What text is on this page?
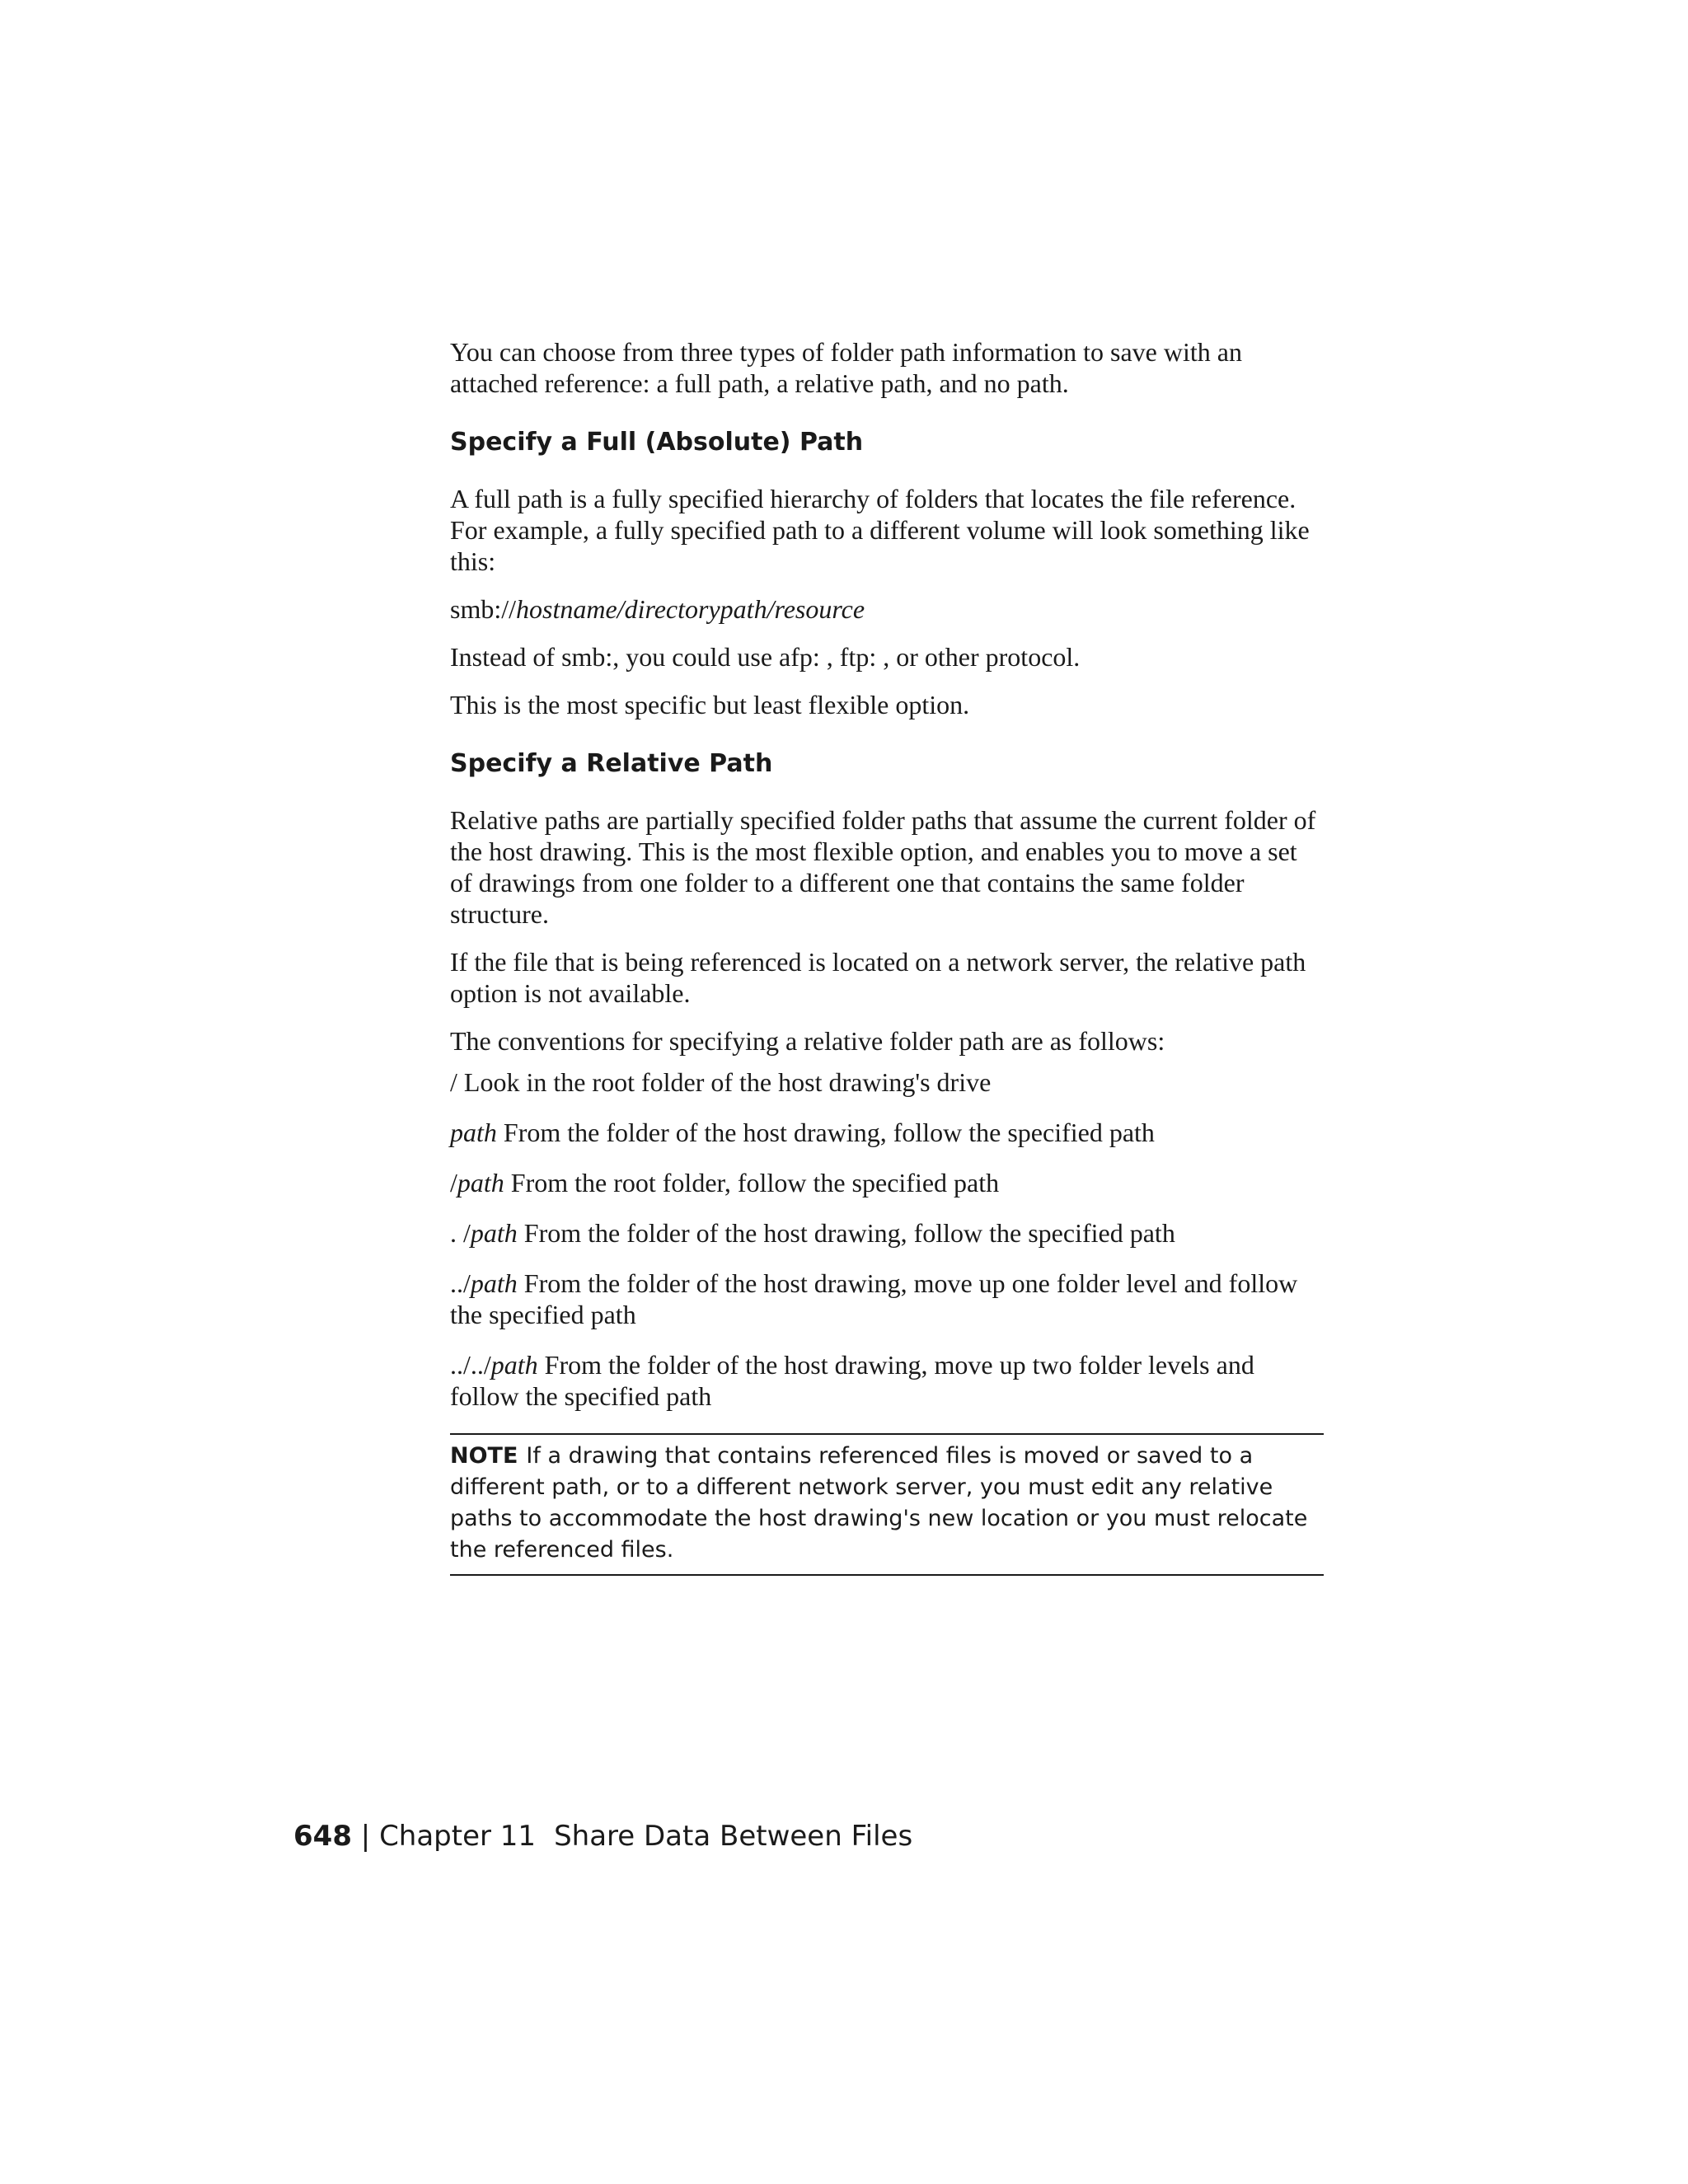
You can choose from three types of folder path information to save with an attached reference: a full path, a relative path, and no path.

Specify a Full (Absolute) Path

A full path is a fully specified hierarchy of folders that locates the file reference. For example, a fully specified path to a different volume will look something like this:

smb://hostname/directorypath/resource

Instead of smb:, you could use afp: , ftp: , or other protocol.

This is the most specific but least flexible option.

Specify a Relative Path

Relative paths are partially specified folder paths that assume the current folder of the host drawing. This is the most flexible option, and enables you to move a set of drawings from one folder to a different one that contains the same folder structure.

If the file that is being referenced is located on a network server, the relative path option is not available.

The conventions for specifying a relative folder path are as follows:

/ Look in the root folder of the host drawing's drive

path From the folder of the host drawing, follow the specified path

/path From the root folder, follow the specified path

. /path From the folder of the host drawing, follow the specified path

../path From the folder of the host drawing, move up one folder level and follow the specified path

../../path From the folder of the host drawing, move up two folder levels and follow the specified path

NOTE If a drawing that contains referenced files is moved or saved to a different path, or to a different network server, you must edit any relative paths to accommodate the host drawing's new location or you must relocate the referenced files.
648 | Chapter 11 Share Data Between Files
